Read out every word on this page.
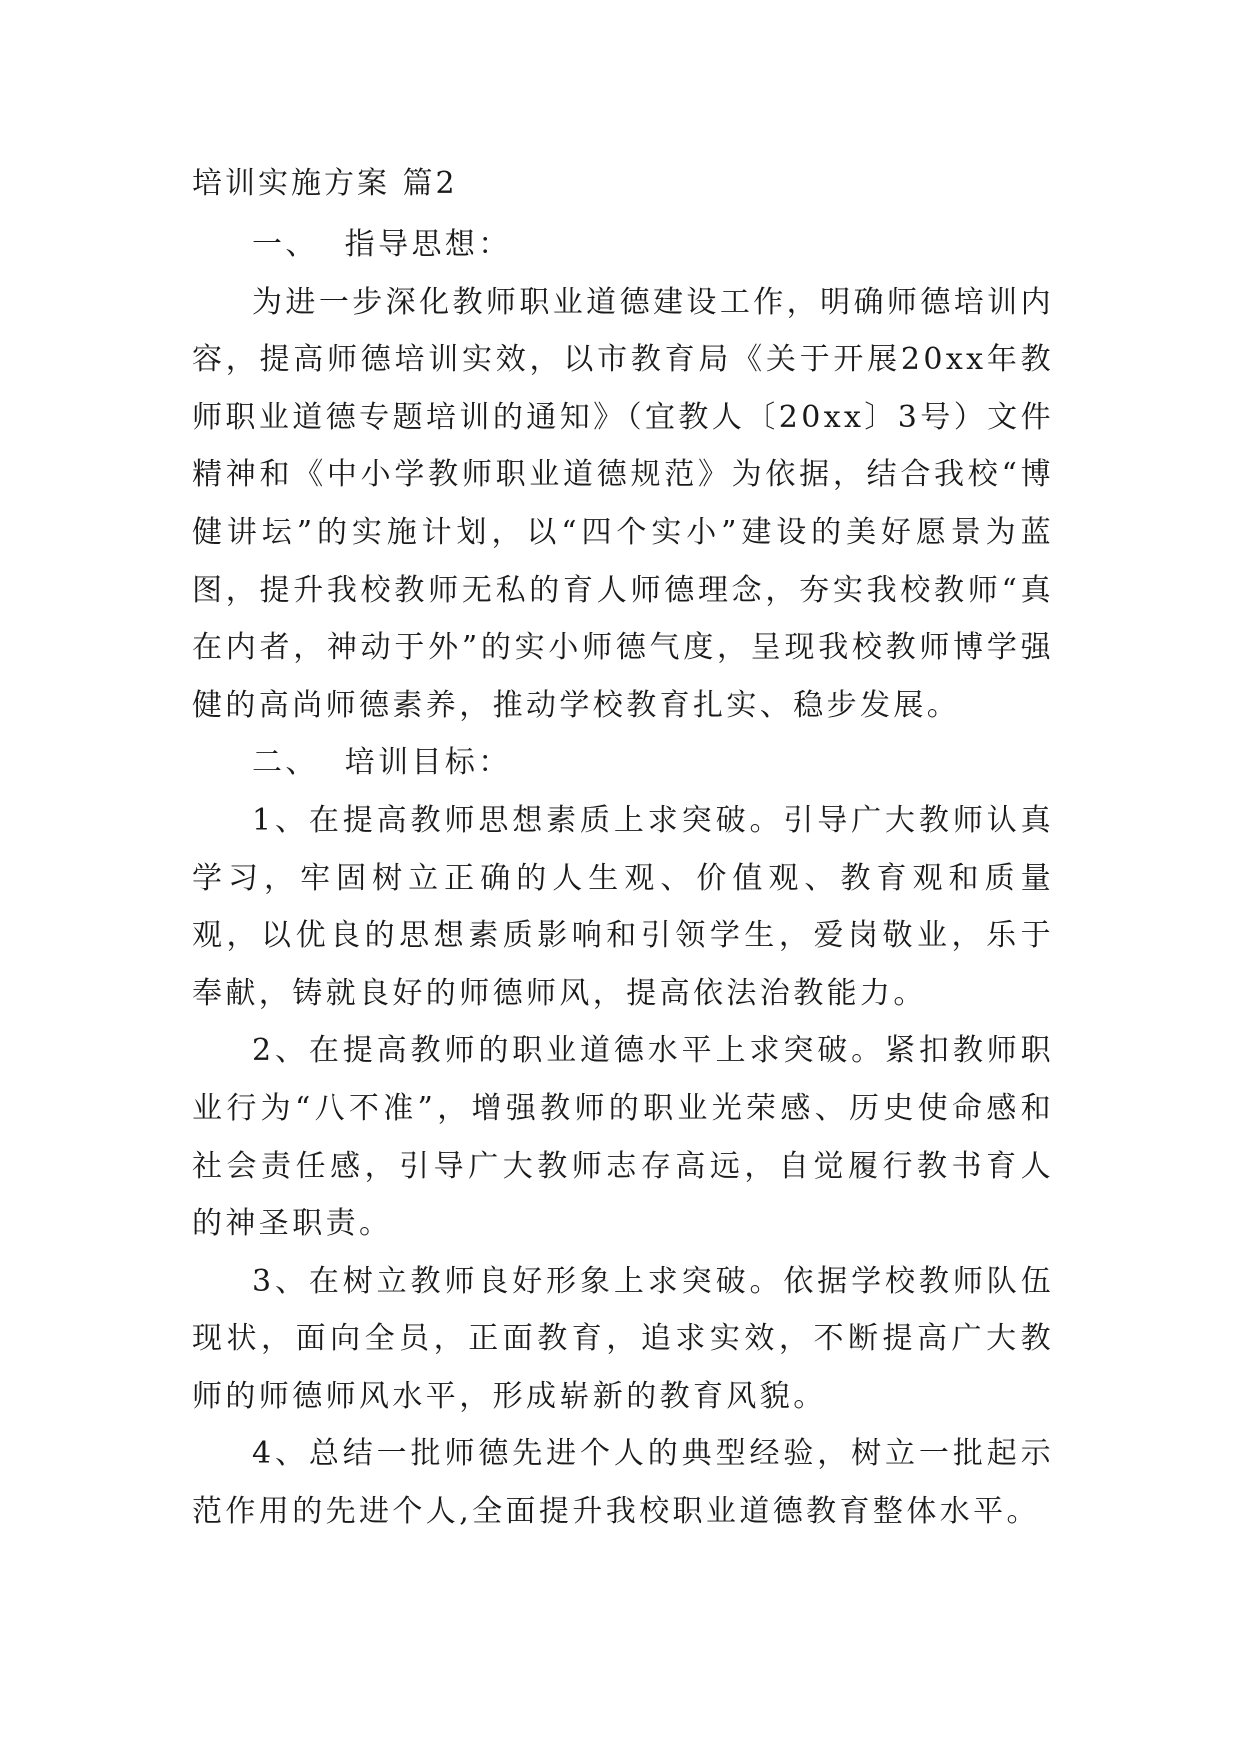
培训实施方案 篇2

一、  指导思想：

为进一步深化教师职业道德建设工作，明确师德培训内容，提高师德培训实效，以市教育局《关于开展20xx年教师职业道德专题培训的通知》（宜教人〔20xx〕3号）文件精神和《中小学教师职业道德规范》为依据，结合我校“博健讲坛”的实施计划，以“四个实小”建设的美好愿景为蓝图，提升我校教师无私的育人师德理念，夯实我校教师“真在内者，神动于外”的实小师德气度，呈现我校教师博学强健的高尚师德素养，推动学校教育扎实、稳步发展。

二、  培训目标：

1、在提高教师思想素质上求突破。引导广大教师认真学习，牢固树立正确的人生观、价值观、教育观和质量观，以优良的思想素质影响和引领学生，爱岗敬业，乐于奉献，铸就良好的师德师风，提高依法治教能力。

2、在提高教师的职业道德水平上求突破。紧扣教师职业行为“八不准”，增强教师的职业光荣感、历史使命感和社会责任感，引导广大教师志存高远，自觉履行教书育人的神圣职责。

3、在树立教师良好形象上求突破。依据学校教师队伍现状，面向全员，正面教育，追求实效，不断提高广大教师的师德师风水平，形成崭新的教育风貌。

4、总结一批师德先进个人的典型经验，树立一批起示范作用的先进个人,全面提升我校职业道德教育整体水平。
